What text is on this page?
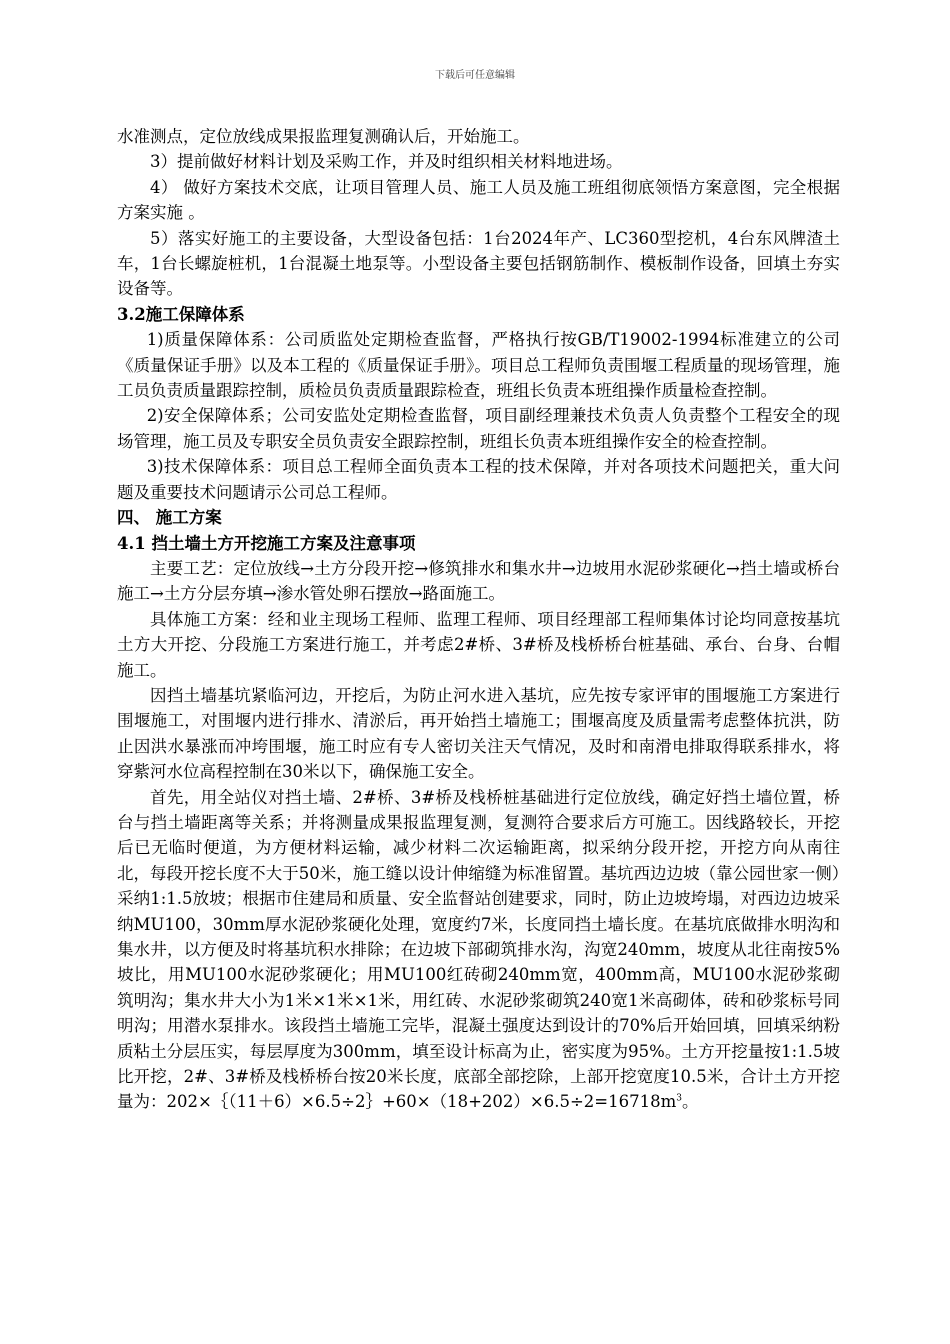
下载后可任意编辑

水准测点，定位放线成果报监理复测确认后，开始施工。

3）提前做好材料计划及采购工作，并及时组织相关材料地进场。

4） 做好方案技术交底，让项目管理人员、施工人员及施工班组彻底领悟方案意图，完全根据方案实施 。

5）落实好施工的主要设备，大型设备包括：1台2024年产、LC360型挖机，4台东风牌渣土车，1台长螺旋桩机，1台混凝土地泵等。小型设备主要包括钢筋制作、模板制作设备，回填土夯实设备等。

3.2施工保障体系

1)质量保障体系：公司质监处定期检查监督，严格执行按GB/T19002-1994标准建立的公司《质量保证手册》以及本工程的《质量保证手册》。项目总工程师负责围堰工程质量的现场管理，施工员负责质量跟踪控制，质检员负责质量跟踪检查，班组长负责本班组操作质量检查控制。

2)安全保障体系；公司安监处定期检查监督，项目副经理兼技术负责人负责整个工程安全的现场管理，施工员及专职安全员负责安全跟踪控制，班组长负责本班组操作安全的检查控制。

3)技术保障体系：项目总工程师全面负责本工程的技术保障，并对各项技术问题把关，重大问题及重要技术问题请示公司总工程师。

四、 施工方案

4.1 挡土墙土方开挖施工方案及注意事项

主要工艺：定位放线→土方分段开挖→修筑排水和集水井→边坡用水泥砂浆硬化→挡土墙或桥台施工→土方分层夯填→渗水管处卵石摆放→路面施工。

具体施工方案：经和业主现场工程师、监理工程师、项目经理部工程师集体讨论均同意按基坑土方大开挖、分段施工方案进行施工，并考虑2#桥、3#桥及栈桥桥台桩基础、承台、台身、台帽施工。

因挡土墙基坑紧临河边，开挖后，为防止河水进入基坑，应先按专家评审的围堰施工方案进行围堰施工，对围堰内进行排水、清淤后，再开始挡土墙施工；围堰高度及质量需考虑整体抗洪，防止因洪水暴涨而冲垮围堰，施工时应有专人密切关注天气情况，及时和南滑电排取得联系排水，将穿紫河水位高程控制在30米以下，确保施工安全。

首先，用全站仪对挡土墙、2#桥、3#桥及栈桥桩基础进行定位放线，确定好挡土墙位置，桥台与挡土墙距离等关系；并将测量成果报监理复测，复测符合要求后方可施工。因线路较长，开挖后已无临时便道，为方便材料运输，减少材料二次运输距离，拟采纳分段开挖，开挖方向从南往北，每段开挖长度不大于50米，施工缝以设计伸缩缝为标准留置。基坑西边边坡（靠公园世家一侧）采纳1:1.5放坡；根据市住建局和质量、安全监督站创建要求，同时，防止边坡垮塌，对西边边坡采纳MU100，30mm厚水泥砂浆硬化处理，宽度约7米，长度同挡土墙长度。在基坑底做排水明沟和集水井，以方便及时将基坑积水排除；在边坡下部砌筑排水沟，沟宽240mm，坡度从北往南按5%坡比，用MU100水泥砂浆硬化；用MU100红砖砌240mm宽，400mm高，MU100水泥砂浆砌筑明沟；集水井大小为1米×1米×1米，用红砖、水泥砂浆砌筑240宽1米高砌体，砖和砂浆标号同明沟；用潜水泵排水。该段挡土墙施工完毕，混凝土强度达到设计的70%后开始回填，回填采纳粉质粘土分层压实，每层厚度为300mm，填至设计标高为止，密实度为95%。土方开挖量按1:1.5坡比开挖，2#、3#桥及栈桥桥台按20米长度，底部全部挖除，上部开挖宽度10.5米，合计土方开挖量为：$202\times\{(11+6)\times 6.5\div 2\}+60\times(18+202)\times 6.5\div 2=16718m^3$。
